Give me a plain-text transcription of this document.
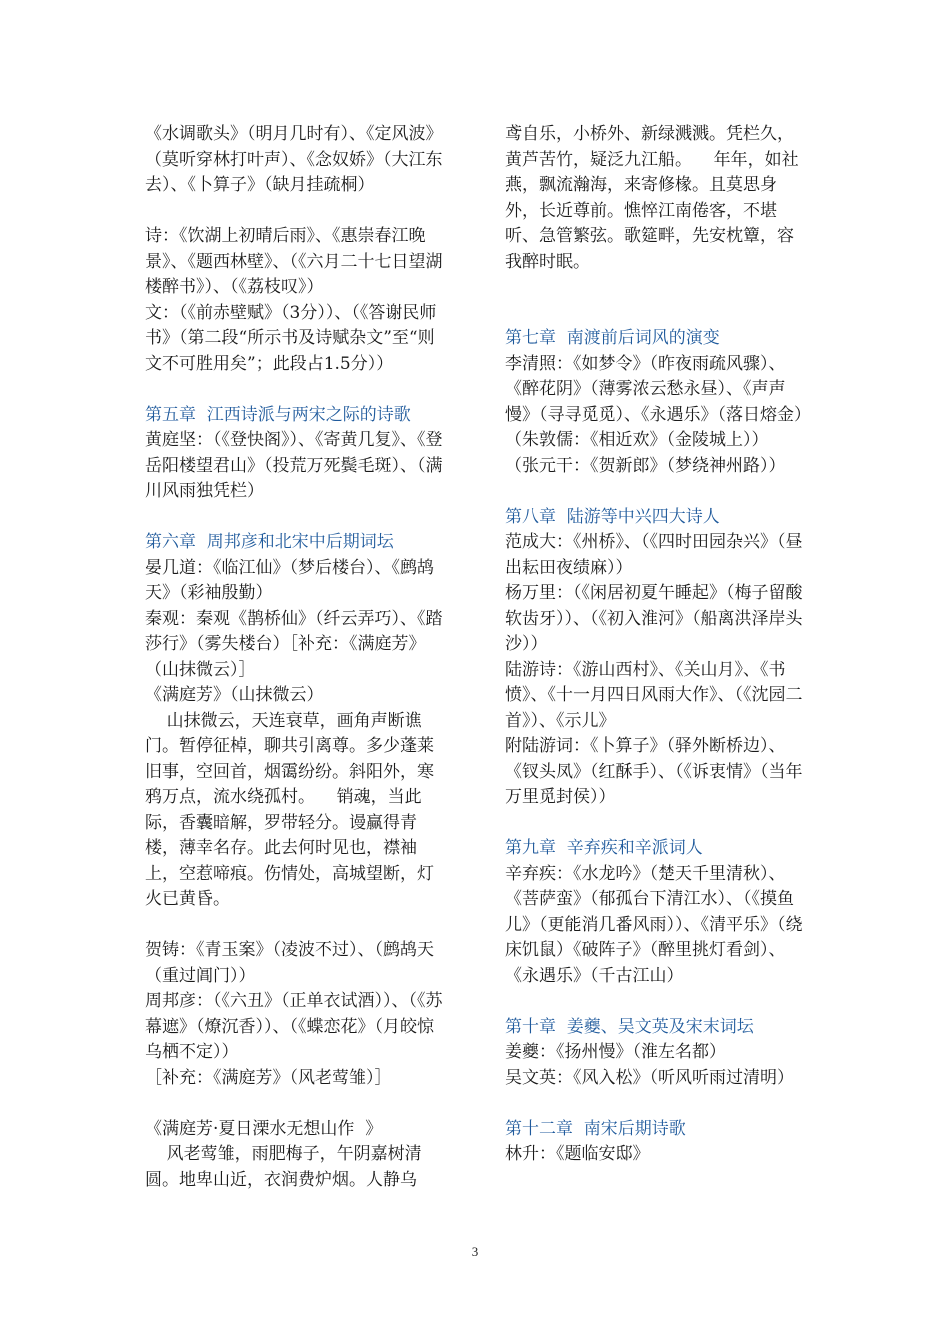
《水调歌头》（明月几时有）、《定风波》（莫听穿林打叶声）、《念奴娇》（大江东去）、《卜算子》（缺月挂疏桐）
诗：《饮湖上初晴后雨》、《惠崇春江晚景》、《题西林壁》、（《六月二十七日望湖楼醉书》）、（《荔枝叹》）
文：（《前赤壁赋》（3分））、（《答谢民师书》（第二段“所示书及诗赋杂文”至“则文不可胜用矣”；此段占1.5分））
第五章  江西诗派与两宋之际的诗歌
黄庭坚：（《登快阁》）、《寄黄几复》、《登岳阳楼望君山》（投荒万死鬓毛斑）、（满川风雨独凭栏）
第六章  周邦彦和北宋中后期词坛
晏几道：《临江仙》（梦后楼台）、《鹧鸪天》（彩袖殷勤）
秦观：秦观《鹊桥仙》（纤云弄巧）、《踏莎行》（雾失楼台）［补充：《满庭芳》（山抹微云）］
《满庭芳》（山抹微云）
山抹微云，天连衰草，画角声断谯门。暂停征棹，聊共引离尊。多少蓬莱旧事，空回首，烟霭纷纷。斜阳外，寒鸦万点，流水绕孤村。    销魂，当此际，香囊暗解，罗带轻分。谩赢得青楼，薄幸名存。此去何时见也，襟袖上，空惹啼痕。伤情处，高城望断，灯火已黄昏。
贺铸：《青玉案》（凌波不过）、（鹧鸪天（重过阊门））
周邦彦：（《六丑》（正单衣试酒））、（《苏幕遮》（燎沉香））、（《蝶恋花》（月皎惊乌栖不定））
［补充：《满庭芳》（风老莺雏）］
《满庭芳·夏日溧水无想山作  》
风老莺雏，雨肥梅子，午阴嘉树清圆。地卑山近，衣润费炉烟。人静乌
鸢自乐，小桥外、新绿溅溅。凭栏久，黄芦苦竹，疑泛九江船。    年年，如社燕，飘流瀚海，来寄修椽。且莫思身外，长近尊前。憔悴江南倦客，不堪听、急管繁弦。歌筵畔，先安枕簟，容我醉时眠。
第七章  南渡前后词风的演变
李清照：《如梦令》（昨夜雨疏风骤）、《醉花阴》（薄雾浓云愁永昼）、《声声慢》（寻寻觅觅）、《永遇乐》（落日熔金）
（朱敦儒：《相近欢》（金陵城上））
（张元干：《贺新郎》（梦绕神州路））
第八章  陆游等中兴四大诗人
范成大：《州桥》、（《四时田园杂兴》（昼出耘田夜绩麻））
杨万里：（《闲居初夏午睡起》（梅子留酸软齿牙））、（《初入淮河》（船离洪泽岸头沙））
陆游诗：《游山西村》、《关山月》、《书愤》、《十一月四日风雨大作》、（《沈园二首》）、《示儿》
附陆游词：《卜算子》（驿外断桥边）、《钗头凤》（红酥手）、（《诉衷情》（当年万里觅封侯））
第九章  辛弃疾和辛派词人
辛弃疾：《水龙吟》（楚天千里清秋）、《菩萨蛮》（郁孤台下清江水）、（《摸鱼儿》（更能消几番风雨））、《清平乐》（绕床饥鼠）《破阵子》（醉里挑灯看剑）、《永遇乐》（千古江山）
第十章  姜夔、吴文英及宋末词坛
姜夔：《扬州慢》（淮左名都）
吴文英：《风入松》（听风听雨过清明）
第十二章  南宋后期诗歌
林升：《题临安邸》
3
